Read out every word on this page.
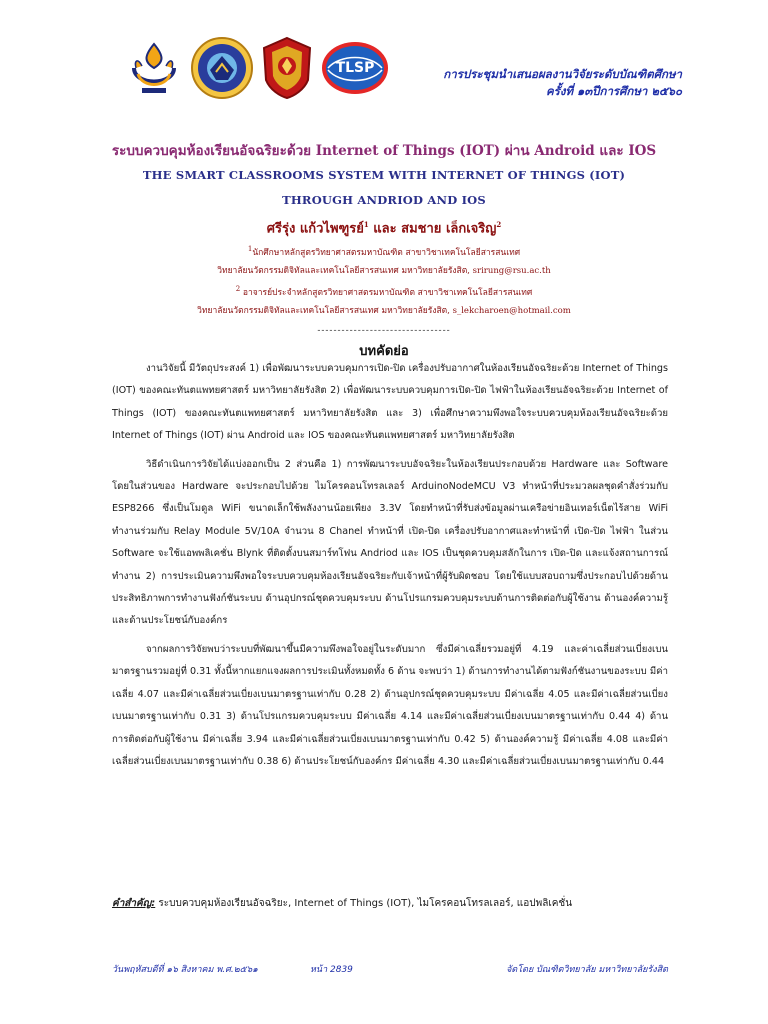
TLSP	การประชุมนำเสนอผลงานวิจัยระดับบัณฑิตศึกษา
ครั้งที่ ๑๓ปีการศึกษา ๒๕๖๐
ระบบควบคุมห้องเรียนอัจฉริยะด้วย Internet of Things (IOT) ผ่าน Android และ IOS
THE SMART CLASSROOMS SYSTEM WITH INTERNET OF THINGS (IOT)
THROUGH ANDRIOD AND IOS
ศรีรุ่ง แก้วไพฑูรย์$^1$ และ สมชาย เล็กเจริญ$^2$
$^1$นักศึกษาหลักสูตรวิทยาศาสตรมหาบัณฑิต สาขาวิชาเทคโนโลยีสารสนเทศ
วิทยาลัยนวัตกรรมดิจิทัลและเทคโนโลยีสารสนเทศ มหาวิทยาลัยรังสิต, srirung@rsu.ac.th
$^2$ อาจารย์ประจำหลักสูตรวิทยาศาสตรมหาบัณฑิต สาขาวิชาเทคโนโลยีสารสนเทศ
วิทยาลัยนวัตกรรมดิจิทัลและเทคโนโลยีสารสนเทศ มหาวิทยาลัยรังสิต, s_lekcharoen@hotmail.com
---------------------------------
บทคัดย่อ

งานวิจัยนี้ มีวัตถุประสงค์ 1) เพื่อพัฒนาระบบควบคุมการเปิด-ปิด เครื่องปรับอากาศในห้องเรียนอัจฉริยะด้วย Internet of Things (IOT) ของคณะทันตแพทยศาสตร์ มหาวิทยาลัยรังสิต 2) เพื่อพัฒนาระบบควบคุมการเปิด-ปิด ไฟฟ้าในห้องเรียนอัจฉริยะด้วย Internet of Things (IOT) ของคณะทันตแพทยศาสตร์ มหาวิทยาลัยรังสิต และ 3) เพื่อศึกษาความพึงพอใจระบบควบคุมห้องเรียนอัจฉริยะด้วย Internet of Things (IOT) ผ่าน Android และ IOS ของคณะทันตแพทยศาสตร์ มหาวิทยาลัยรังสิต

วิธีดำเนินการวิจัยได้แบ่งออกเป็น 2 ส่วนคือ 1) การพัฒนาระบบอัจฉริยะในห้องเรียนประกอบด้วย Hardware และ Software โดยในส่วนของ Hardware จะประกอบไปด้วย ไมโครคอนโทรลเลอร์ ArduinoNodeMCU V3 ทำหน้าที่ประมวลผลชุดคำสั่งร่วมกับ ESP8266 ซึ่งเป็นโมดูล WiFi ขนาดเล็กใช้พลังงานน้อยเพียง 3.3V โดยทำหน้าที่รับส่งข้อมูลผ่านเครือข่ายอินเทอร์เน็ตไร้สาย WiFi ทำงานร่วมกับ Relay Module 5V/10A จำนวน 8 Chanel ทำหน้าที่ เปิด-ปิด เครื่องปรับอากาศและทำหน้าที่ เปิด-ปิด ไฟฟ้า ในส่วน Software จะใช้แอพพลิเคชั่น Blynk ที่ติดตั้งบนสมาร์ทโฟน Andriod และ IOS เป็นชุดควบคุมสลักในการ เปิด-ปิด และแจ้งสถานการณ์ทำงาน 2) การประเมินความพึงพอใจระบบควบคุมห้องเรียนอัจฉริยะกับเจ้าหน้าที่ผู้รับผิดชอบ โดยใช้แบบสอบถามซึ่งประกอบไปด้วยด้านประสิทธิภาพการทำงานฟังก์ชันระบบ ด้านอุปกรณ์ชุดควบคุมระบบ ด้านโปรแกรมควบคุมระบบด้านการติดต่อกับผู้ใช้งาน ด้านองค์ความรู้ และด้านประโยชน์กับองค์กร

จากผลการวิจัยพบว่าระบบที่พัฒนาขึ้นมีความพึงพอใจอยู่ในระดับมาก ซึ่งมีค่าเฉลี่ยรวมอยู่ที่ 4.19 และค่าเฉลี่ยส่วนเบี่ยงเบนมาตรฐานรวมอยู่ที่ 0.31 ทั้งนี้หากแยกแจงผลการประเมินทั้งหมดทั้ง 6 ด้าน จะพบว่า 1) ด้านการทำงานได้ตามฟังก์ชันงานของระบบ มีค่าเฉลี่ย 4.07 และมีค่าเฉลี่ยส่วนเบี่ยงเบนมาตรฐานเท่ากับ 0.28 2) ด้านอุปกรณ์ชุดควบคุมระบบ มีค่าเฉลี่ย 4.05 และมีค่าเฉลี่ยส่วนเบี่ยงเบนมาตรฐานเท่ากับ 0.31 3) ด้านโปรแกรมควบคุมระบบ มีค่าเฉลี่ย 4.14 และมีค่าเฉลี่ยส่วนเบี่ยงเบนมาตรฐานเท่ากับ 0.44 4) ด้านการติดต่อกับผู้ใช้งาน มีค่าเฉลี่ย 3.94 และมีค่าเฉลี่ยส่วนเบี่ยงเบนมาตรฐานเท่ากับ 0.42 5) ด้านองค์ความรู้ มีค่าเฉลี่ย 4.08 และมีค่าเฉลี่ยส่วนเบี่ยงเบนมาตรฐานเท่ากับ 0.38 6) ด้านประโยชน์กับองค์กร มีค่าเฉลี่ย 4.30 และมีค่าเฉลี่ยส่วนเบี่ยงเบนมาตรฐานเท่ากับ 0.44

คำสำคัญ: ระบบควบคุมห้องเรียนอัจฉริยะ, Internet of Things (IOT), ไมโครคอนโทรลเลอร์, แอปพลิเคชั่น
วันพฤหัสบดีที่ ๑๖ สิงหาคม พ.ศ.๒๕๖๑	หน้า 2839	จัดโดย บัณฑิตวิทยาลัย มหาวิทยาลัยรังสิต
